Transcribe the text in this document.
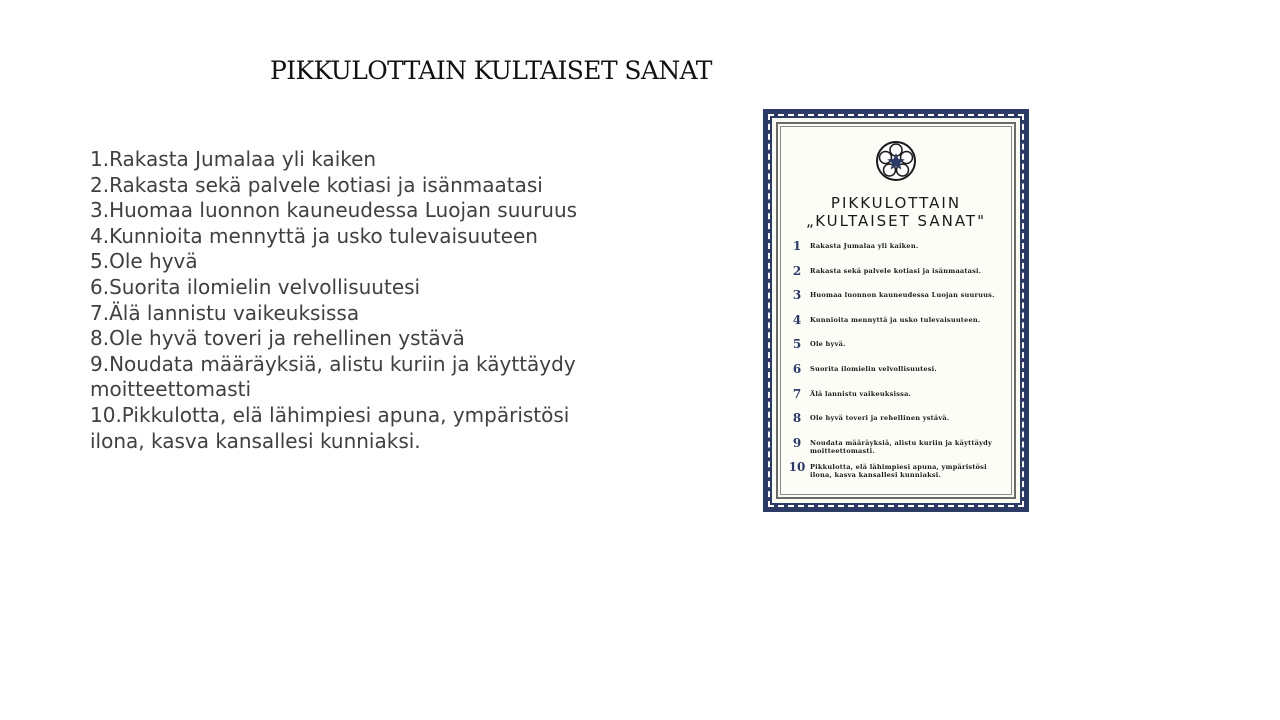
PIKKULOTTAIN KULTAISET SANAT
1.Rakasta Jumalaa yli kaiken
2.Rakasta sekä palvele kotiasi ja isänmaatasi
3.Huomaa luonnon kauneudessa Luojan suuruus
4.Kunnioita mennyttä ja usko tulevaisuuteen
5.Ole hyvä
6.Suorita ilomielin velvollisuutesi
7.Älä lannistu vaikeuksissa
8.Ole hyvä toveri ja rehellinen ystävä
9.Noudata määräyksiä, alistu kuriin ja käyttäydy moitteettomasti
10.Pikkulotta, elä lähimpiesi apuna, ympäristösi ilona, kasva kansallesi kunniaksi.
PIKKULOTTAIN
„KULTAISET SANAT"
1	Rakasta Jumalaa yli kaiken.
2	Rakasta sekä palvele kotiasi ja isänmaatasi.
3	Huomaa luonnon kauneudessa Luojan suuruus.
4	Kunnioita mennyttä ja usko tulevaisuuteen.
5	Ole hyvä.
6	Suorita ilomielin velvollisuutesi.
7	Älä lannistu vaikeuksissa.
8	Ole hyvä toveri ja rehellinen ystävä.
9	Noudata määräyksiä, alistu kuriin ja käyttäydy moitteettomasti.
10 Pikkulotta, elä lähimpiesi apuna, ympäristösi ilona, kasva kansallesi kunniaksi.
